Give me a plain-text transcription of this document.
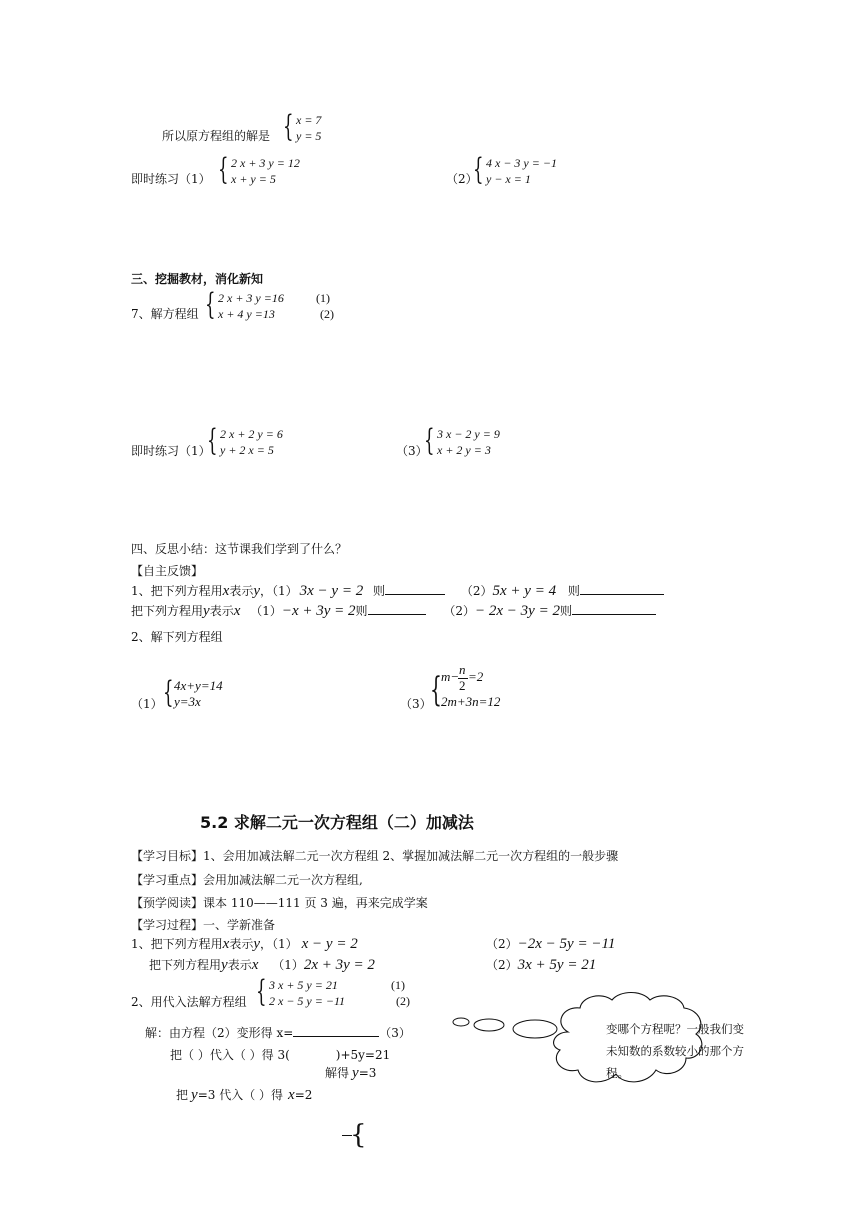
所以原方程组的解是 { x = 7
y = 5
即时练习（1） { 2 x + 3 y = 12
x + y = 5	（2）
{ 4 x − 3 y = −1
y − x = 1
三、挖掘教材，消化新知
7、解方程组 { 2 x + 3 y =16
x + 4 y =13
(1)
(2)
即时练习（1）
{ 2 x + 2 y = 6
y + 2 x = 5	（3）
{ 3 x − 2 y = 9
x + 2 y = 3
四、反思小结：这节课我们学到了什么？
【自主反馈】
1、把下列方程用x表示y，（1） 3x − y = 2 则	（2）5x + y = 4 则
把下列方程用y表示x （1）−x + 3y = 2则	（2）− 2x − 3y = 2则
2、解下列方程组
（1） { 4x+y=14
y=3x	（3）
{ m− n
2
=2
2m+3n=12
5.2 求解二元一次方程组（二）加减法
【学习目标】1、会用加减法解二元一次方程组 2、掌握加减法解二元一次方程组的一般步骤
【学习重点】会用加减法解二元一次方程组,
【预学阅读】课本 110——111 页 3 遍，再来完成学案
【学习过程】一、学新准备
1、把下列方程用x表示y，（1） x − y = 2	（2）−2x − 5y = −11
把下列方程用y表示x （1）2x + 3y = 2	（2）3x + 5y = 21
2、用代入法解方程组 { 3 x + 5 y = 21
2 x − 5 y = −11
(1)
(2)
解：由方程（2）变形得 x=	（3）
把（ ）代入（ ）得 3(	)+5y=21
解得 y=3
把 y=3 代入（ ）得 x=2
{
变哪个方程呢？一般我们变
未知数的系数较小的那个方
程。
